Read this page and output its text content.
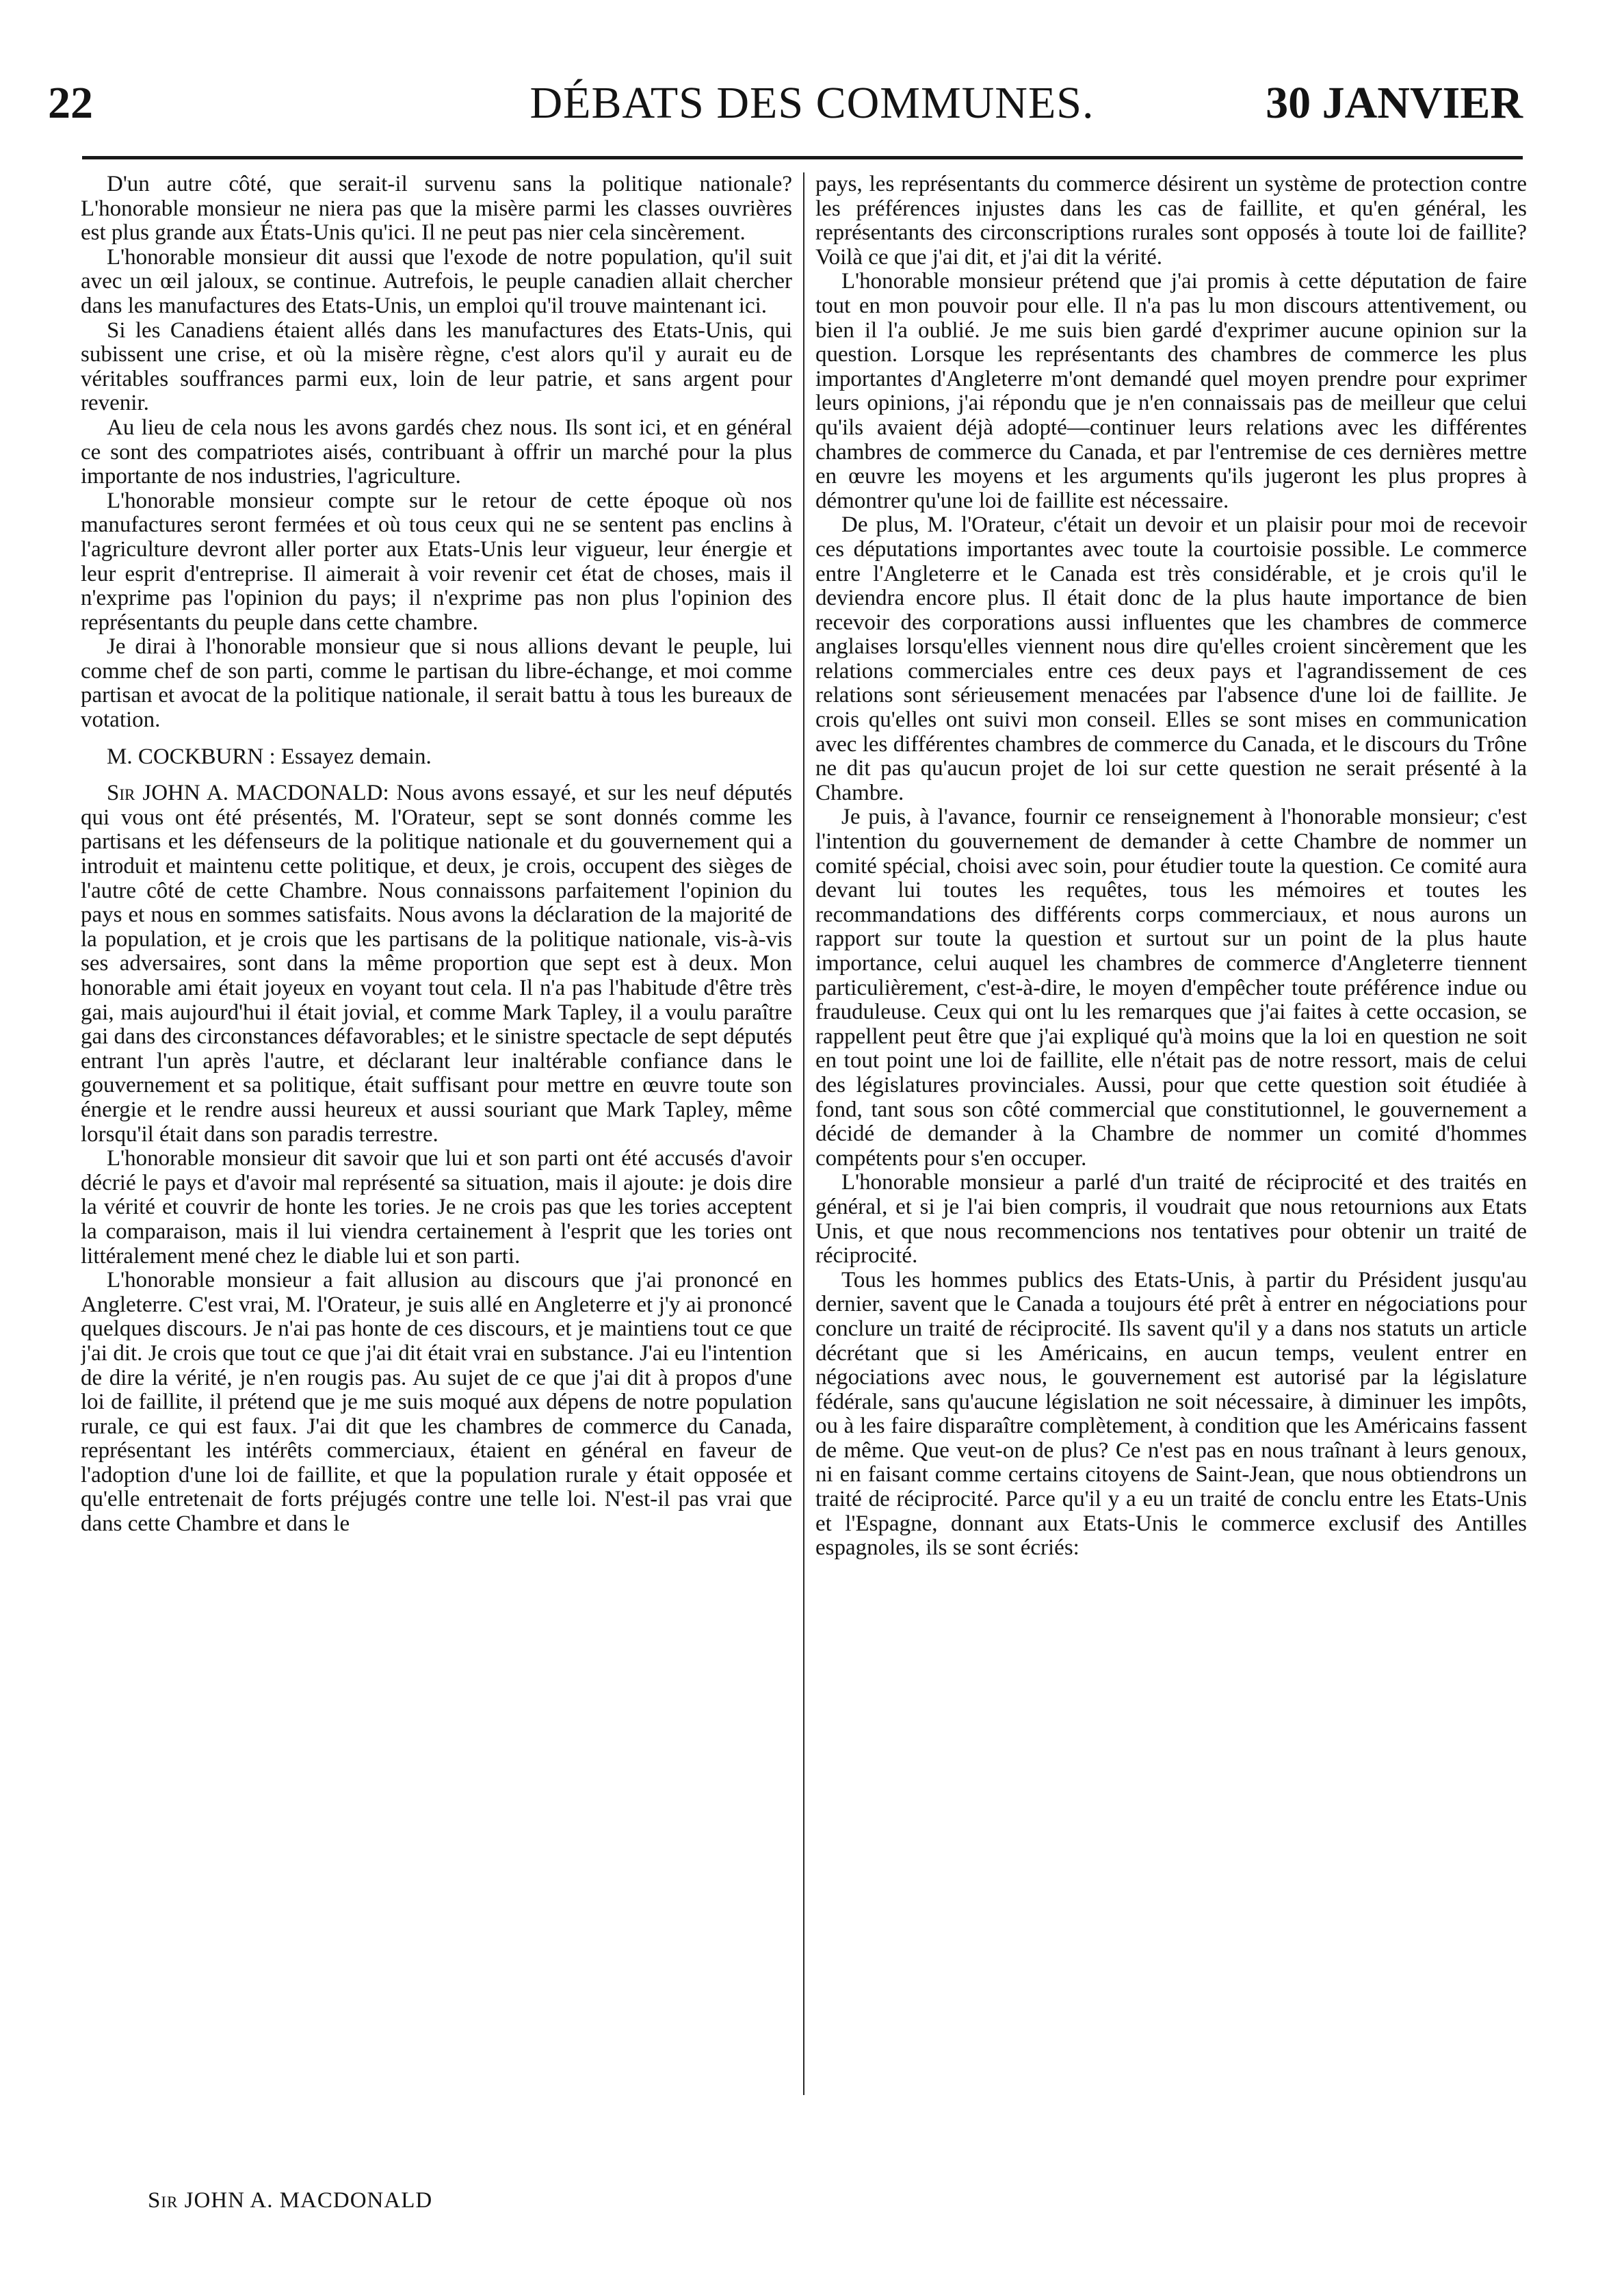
22	DÉBATS DES COMMUNES.	30 JANVIER

D'un autre côté, que serait-il survenu sans la politique nationale? L'honorable monsieur ne niera pas que la misère parmi les classes ouvrières est plus grande aux États-Unis qu'ici. Il ne peut pas nier cela sincèrement.

L'honorable monsieur dit aussi que l'exode de notre population, qu'il suit avec un œil jaloux, se continue. Autrefois, le peuple canadien allait chercher dans les manufactures des Etats-Unis, un emploi qu'il trouve maintenant ici.

Si les Canadiens étaient allés dans les manufactures des Etats-Unis, qui subissent une crise, et où la misère règne, c'est alors qu'il y aurait eu de véritables souffrances parmi eux, loin de leur patrie, et sans argent pour revenir.

Au lieu de cela nous les avons gardés chez nous. Ils sont ici, et en général ce sont des compatriotes aisés, contribuant à offrir un marché pour la plus importante de nos industries, l'agriculture.

L'honorable monsieur compte sur le retour de cette époque où nos manufactures seront fermées et où tous ceux qui ne se sentent pas enclins à l'agriculture devront aller porter aux Etats-Unis leur vigueur, leur énergie et leur esprit d'entreprise. Il aimerait à voir revenir cet état de choses, mais il n'exprime pas l'opinion du pays; il n'exprime pas non plus l'opinion des représentants du peuple dans cette chambre.

Je dirai à l'honorable monsieur que si nous allions devant le peuple, lui comme chef de son parti, comme le partisan du libre-échange, et moi comme partisan et avocat de la politique nationale, il serait battu à tous les bureaux de votation.

M. COCKBURN : Essayez demain.

Sir JOHN A. MACDONALD: Nous avons essayé, et sur les neuf députés qui vous ont été présentés, M. l'Orateur, sept se sont donnés comme les partisans et les défenseurs de la politique nationale et du gouvernement qui a introduit et maintenu cette politique, et deux, je crois, occupent des sièges de l'autre côté de cette Chambre. Nous connaissons parfaitement l'opinion du pays et nous en sommes satisfaits. Nous avons la déclaration de la majorité de la population, et je crois que les partisans de la politique nationale, vis-à-vis ses adversaires, sont dans la même proportion que sept est à deux. Mon honorable ami était joyeux en voyant tout cela. Il n'a pas l'habitude d'être très gai, mais aujourd'hui il était jovial, et comme Mark Tapley, il a voulu paraître gai dans des circonstances défavorables; et le sinistre spectacle de sept députés entrant l'un après l'autre, et déclarant leur inaltérable confiance dans le gouvernement et sa politique, était suffisant pour mettre en œuvre toute son énergie et le rendre aussi heureux et aussi souriant que Mark Tapley, même lorsqu'il était dans son paradis terrestre.

L'honorable monsieur dit savoir que lui et son parti ont été accusés d'avoir décrié le pays et d'avoir mal représenté sa situation, mais il ajoute: je dois dire la vérité et couvrir de honte les tories. Je ne crois pas que les tories acceptent la comparaison, mais il lui viendra certainement à l'esprit que les tories ont littéralement mené chez le diable lui et son parti.

L'honorable monsieur a fait allusion au discours que j'ai prononcé en Angleterre. C'est vrai, M. l'Orateur, je suis allé en Angleterre et j'y ai prononcé quelques discours. Je n'ai pas honte de ces discours, et je maintiens tout ce que j'ai dit. Je crois que tout ce que j'ai dit était vrai en substance. J'ai eu l'intention de dire la vérité, je n'en rougis pas. Au sujet de ce que j'ai dit à propos d'une loi de faillite, il prétend que je me suis moqué aux dépens de notre population rurale, ce qui est faux. J'ai dit que les chambres de commerce du Canada, représentant les intérêts commerciaux, étaient en général en faveur de l'adoption d'une loi de faillite, et que la population rurale y était opposée et qu'elle entretenait de forts préjugés contre une telle loi. N'est-il pas vrai que dans cette Chambre et dans le

pays, les représentants du commerce désirent un système de protection contre les préférences injustes dans les cas de faillite, et qu'en général, les représentants des circonscriptions rurales sont opposés à toute loi de faillite? Voilà ce que j'ai dit, et j'ai dit la vérité.

L'honorable monsieur prétend que j'ai promis à cette députation de faire tout en mon pouvoir pour elle. Il n'a pas lu mon discours attentivement, ou bien il l'a oublié. Je me suis bien gardé d'exprimer aucune opinion sur la question. Lorsque les représentants des chambres de commerce les plus importantes d'Angleterre m'ont demandé quel moyen prendre pour exprimer leurs opinions, j'ai répondu que je n'en connaissais pas de meilleur que celui qu'ils avaient déjà adopté—continuer leurs relations avec les différentes chambres de commerce du Canada, et par l'entremise de ces dernières mettre en œuvre les moyens et les arguments qu'ils jugeront les plus propres à démontrer qu'une loi de faillite est nécessaire.

De plus, M. l'Orateur, c'était un devoir et un plaisir pour moi de recevoir ces députations importantes avec toute la courtoisie possible. Le commerce entre l'Angleterre et le Canada est très considérable, et je crois qu'il le deviendra encore plus. Il était donc de la plus haute importance de bien recevoir des corporations aussi influentes que les chambres de commerce anglaises lorsqu'elles viennent nous dire qu'elles croient sincèrement que les relations commerciales entre ces deux pays et l'agrandissement de ces relations sont sérieusement menacées par l'absence d'une loi de faillite. Je crois qu'elles ont suivi mon conseil. Elles se sont mises en communication avec les différentes chambres de commerce du Canada, et le discours du Trône ne dit pas qu'aucun projet de loi sur cette question ne serait présenté à la Chambre.

Je puis, à l'avance, fournir ce renseignement à l'honorable monsieur; c'est l'intention du gouvernement de demander à cette Chambre de nommer un comité spécial, choisi avec soin, pour étudier toute la question. Ce comité aura devant lui toutes les requêtes, tous les mémoires et toutes les recommandations des différents corps commerciaux, et nous aurons un rapport sur toute la question et surtout sur un point de la plus haute importance, celui auquel les chambres de commerce d'Angleterre tiennent particulièrement, c'est-à-dire, le moyen d'empêcher toute préférence indue ou frauduleuse. Ceux qui ont lu les remarques que j'ai faites à cette occasion, se rappellent peut être que j'ai expliqué qu'à moins que la loi en question ne soit en tout point une loi de faillite, elle n'était pas de notre ressort, mais de celui des législatures provinciales. Aussi, pour que cette question soit étudiée à fond, tant sous son côté commercial que constitutionnel, le gouvernement a décidé de demander à la Chambre de nommer un comité d'hommes compétents pour s'en occuper.

L'honorable monsieur a parlé d'un traité de réciprocité et des traités en général, et si je l'ai bien compris, il voudrait que nous retournions aux Etats Unis, et que nous recommencions nos tentatives pour obtenir un traité de réciprocité.

Tous les hommes publics des Etats-Unis, à partir du Président jusqu'au dernier, savent que le Canada a toujours été prêt à entrer en négociations pour conclure un traité de réciprocité. Ils savent qu'il y a dans nos statuts un article décrétant que si les Américains, en aucun temps, veulent entrer en négociations avec nous, le gouvernement est autorisé par la législature fédérale, sans qu'aucune législation ne soit nécessaire, à diminuer les impôts, ou à les faire disparaître complètement, à condition que les Américains fassent de même. Que veut-on de plus? Ce n'est pas en nous traînant à leurs genoux, ni en faisant comme certains citoyens de Saint-Jean, que nous obtiendrons un traité de réciprocité. Parce qu'il y a eu un traité de conclu entre les Etats-Unis et l'Espagne, donnant aux Etats-Unis le commerce exclusif des Antilles espagnoles, ils se sont écriés:

Sir JOHN A. MACDONALD
